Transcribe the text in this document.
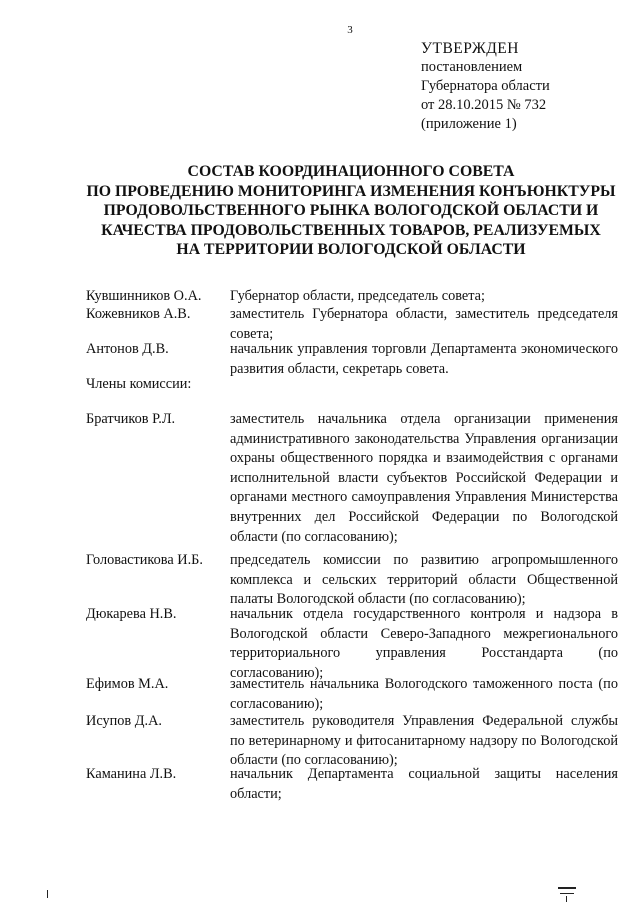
3
УТВЕРЖДЕН
постановлением
Губернатора области
от 28.10.2015 № 732
(приложение 1)
СОСТАВ КООРДИНАЦИОННОГО СОВЕТА
ПО ПРОВЕДЕНИЮ МОНИТОРИНГА ИЗМЕНЕНИЯ КОНЪЮНКТУРЫ
ПРОДОВОЛЬСТВЕННОГО РЫНКА ВОЛОГОДСКОЙ ОБЛАСТИ И
КАЧЕСТВА ПРОДОВОЛЬСТВЕННЫХ ТОВАРОВ, РЕАЛИЗУЕМЫХ
НА ТЕРРИТОРИИ ВОЛОГОДСКОЙ ОБЛАСТИ
Кувшинников О.А. Губернатор области, председатель совета;
Кожевников А.В.	заместитель Губернатора области, заместитель председателя совета;
Антонов Д.В.	начальник управления торговли Департамента экономического развития области, секретарь совета.
Члены комиссии:
Братчиков Р.Л.	заместитель начальника отдела организации применения административного законодательства Управления организации охраны общественного порядка и взаимодействия с органами исполнительной власти субъектов Российской Федерации и органами местного самоуправления Управления Министерства внутренних дел Российской Федерации по Вологодской области (по согласованию);
Головастикова И.Б. председатель комиссии по развитию агропромышленного комплекса и сельских территорий области Общественной палаты Вологодской области (по согласованию);
Дюкарева Н.В.	начальник отдела государственного контроля и надзора в Вологодской области Северо-Западного межрегионального территориального управления Росстандарта (по согласованию);
Ефимов М.А.	заместитель начальника Вологодского таможенного поста (по согласованию);
Исупов Д.А.	заместитель руководителя Управления Федеральной службы по ветеринарному и фитосанитарному надзору по Вологодской области (по согласованию);
Каманина Л.В.	начальник Департамента социальной защиты населения области;
